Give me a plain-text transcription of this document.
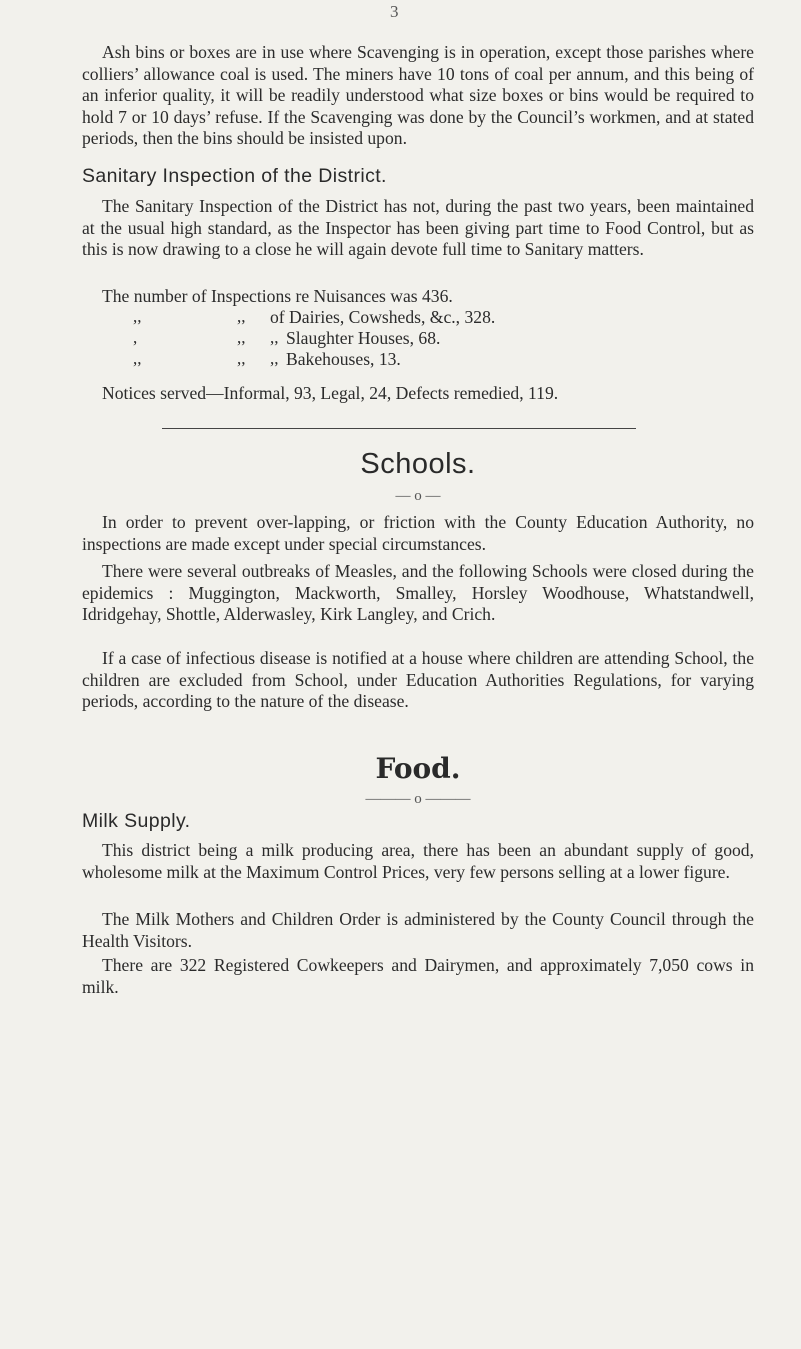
3

Ash bins or boxes are in use where Scavenging is in operation, except those parishes where colliers’ allowance coal is used. The miners have 10 tons of coal per annum, and this being of an inferior quality, it will be readily understood what size boxes or bins would be required to hold 7 or 10 days’ refuse. If the Scavenging was done by the Council’s workmen, and at stated periods, then the bins should be insisted upon.

Sanitary Inspection of the District.

The Sanitary Inspection of the District has not, during the past two years, been maintained at the usual high standard, as the Inspector has been giving part time to Food Control, but as this is now drawing to a close he will again devote full time to Sanitary matters.

The number of Inspections re Nuisances was 436.
,,	,, of Dairies, Cowsheds, &c., 328.
,	,, ,, Slaughter Houses, 68.
,,	,, ,, Bakehouses, 13.

Notices served—Informal, 93, Legal, 24, Defects remedied, 119.

Schools.
— o —

In order to prevent over-lapping, or friction with the County Education Authority, no inspections are made except under special circumstances.

There were several outbreaks of Measles, and the following Schools were closed during the epidemics : Muggington, Mackworth, Smalley, Horsley Woodhouse, Whatstandwell, Idridgehay, Shottle, Alderwasley, Kirk Langley, and Crich.

If a case of infectious disease is notified at a house where children are attending School, the children are excluded from School, under Education Authorities Regulations, for varying periods, according to the nature of the disease.

Food.
——— o ———
Milk Supply.

This district being a milk producing area, there has been an abundant supply of good, wholesome milk at the Maximum Control Prices, very few persons selling at a lower figure.

The Milk Mothers and Children Order is administered by the County Council through the Health Visitors.

There are 322 Registered Cowkeepers and Dairymen, and approximately 7,050 cows in milk.
